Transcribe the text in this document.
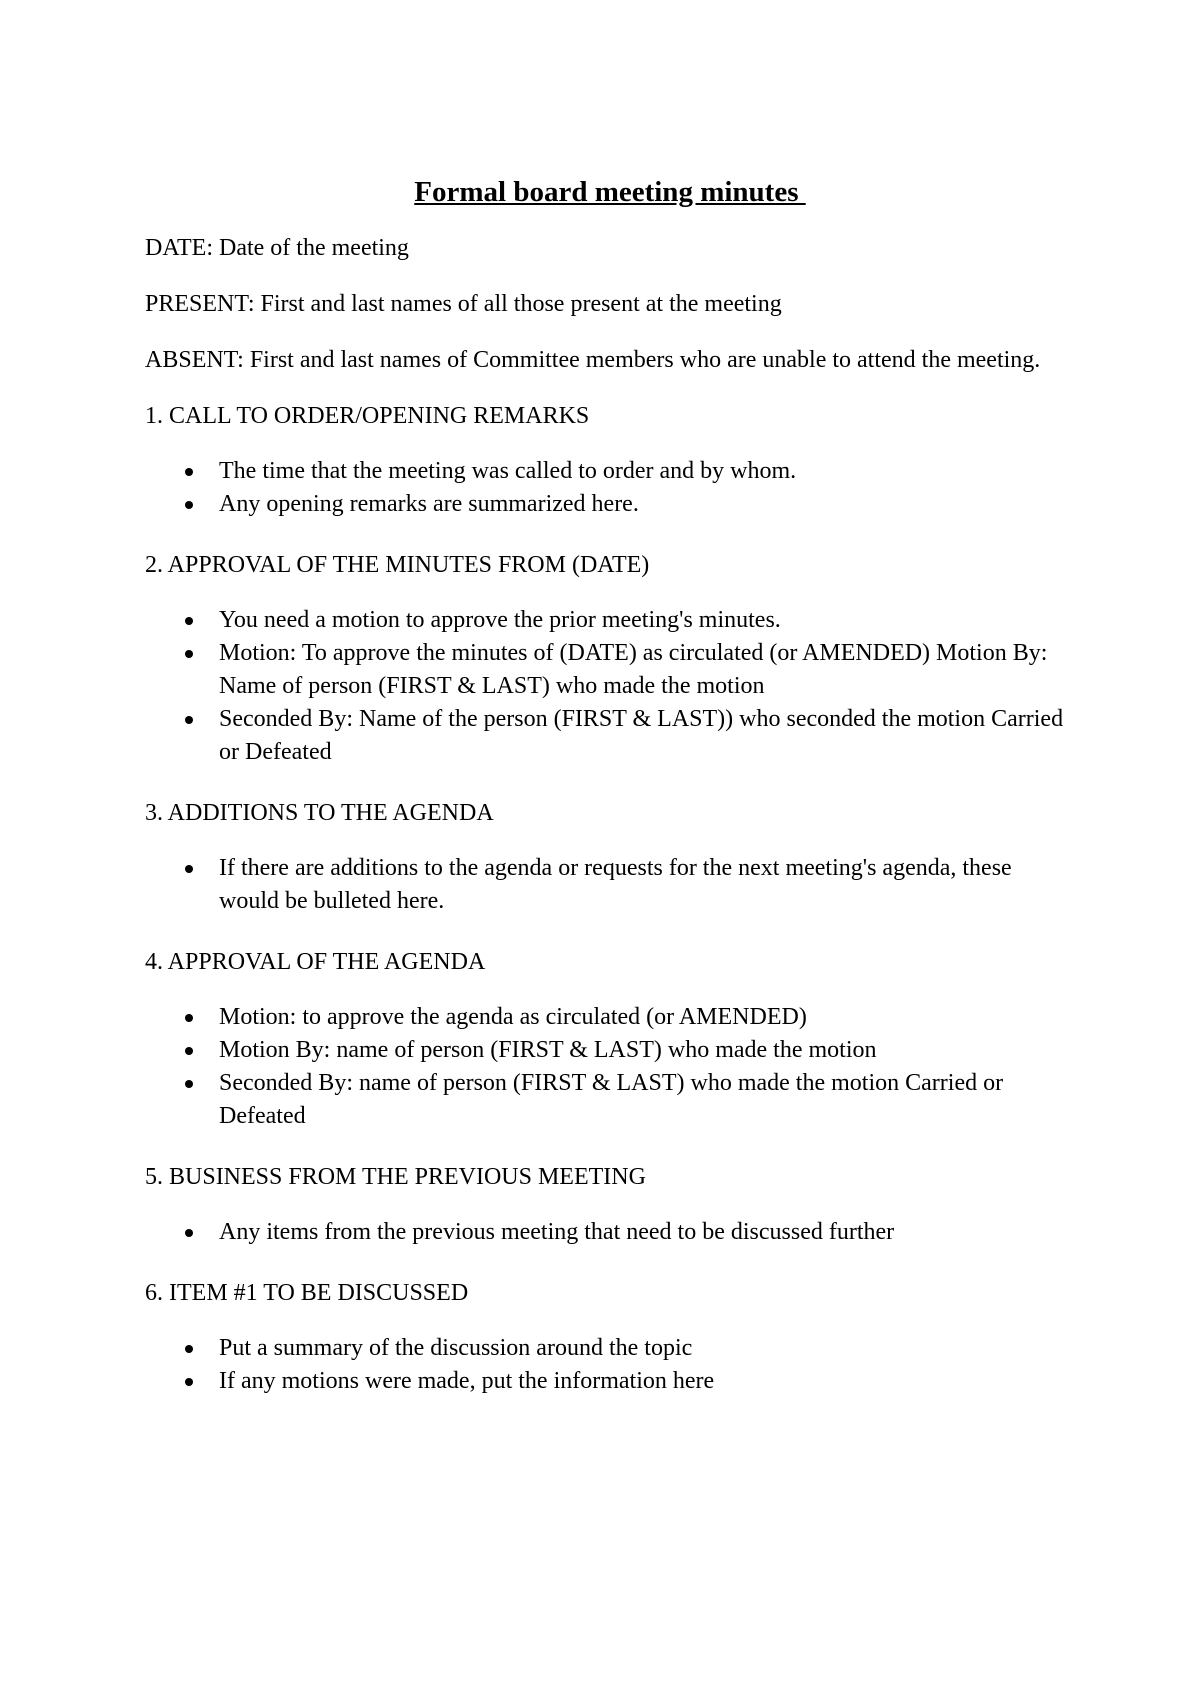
Formal board meeting minutes
DATE: Date of the meeting
PRESENT: First and last names of all those present at the meeting
ABSENT: First and last names of Committee members who are unable to attend the meeting.
1. CALL TO ORDER/OPENING REMARKS
The time that the meeting was called to order and by whom.
Any opening remarks are summarized here.
2. APPROVAL OF THE MINUTES FROM (DATE)
You need a motion to approve the prior meeting's minutes.
Motion: To approve the minutes of (DATE) as circulated (or AMENDED) Motion By: Name of person (FIRST & LAST) who made the motion
Seconded By: Name of the person (FIRST & LAST)) who seconded the motion Carried or Defeated
3. ADDITIONS TO THE AGENDA
If there are additions to the agenda or requests for the next meeting's agenda, these would be bulleted here.
4. APPROVAL OF THE AGENDA
Motion: to approve the agenda as circulated (or AMENDED)
Motion By: name of person (FIRST & LAST) who made the motion
Seconded By: name of person (FIRST & LAST) who made the motion Carried or Defeated
5. BUSINESS FROM THE PREVIOUS MEETING
Any items from the previous meeting that need to be discussed further
6. ITEM #1 TO BE DISCUSSED
Put a summary of the discussion around the topic
If any motions were made, put the information here
